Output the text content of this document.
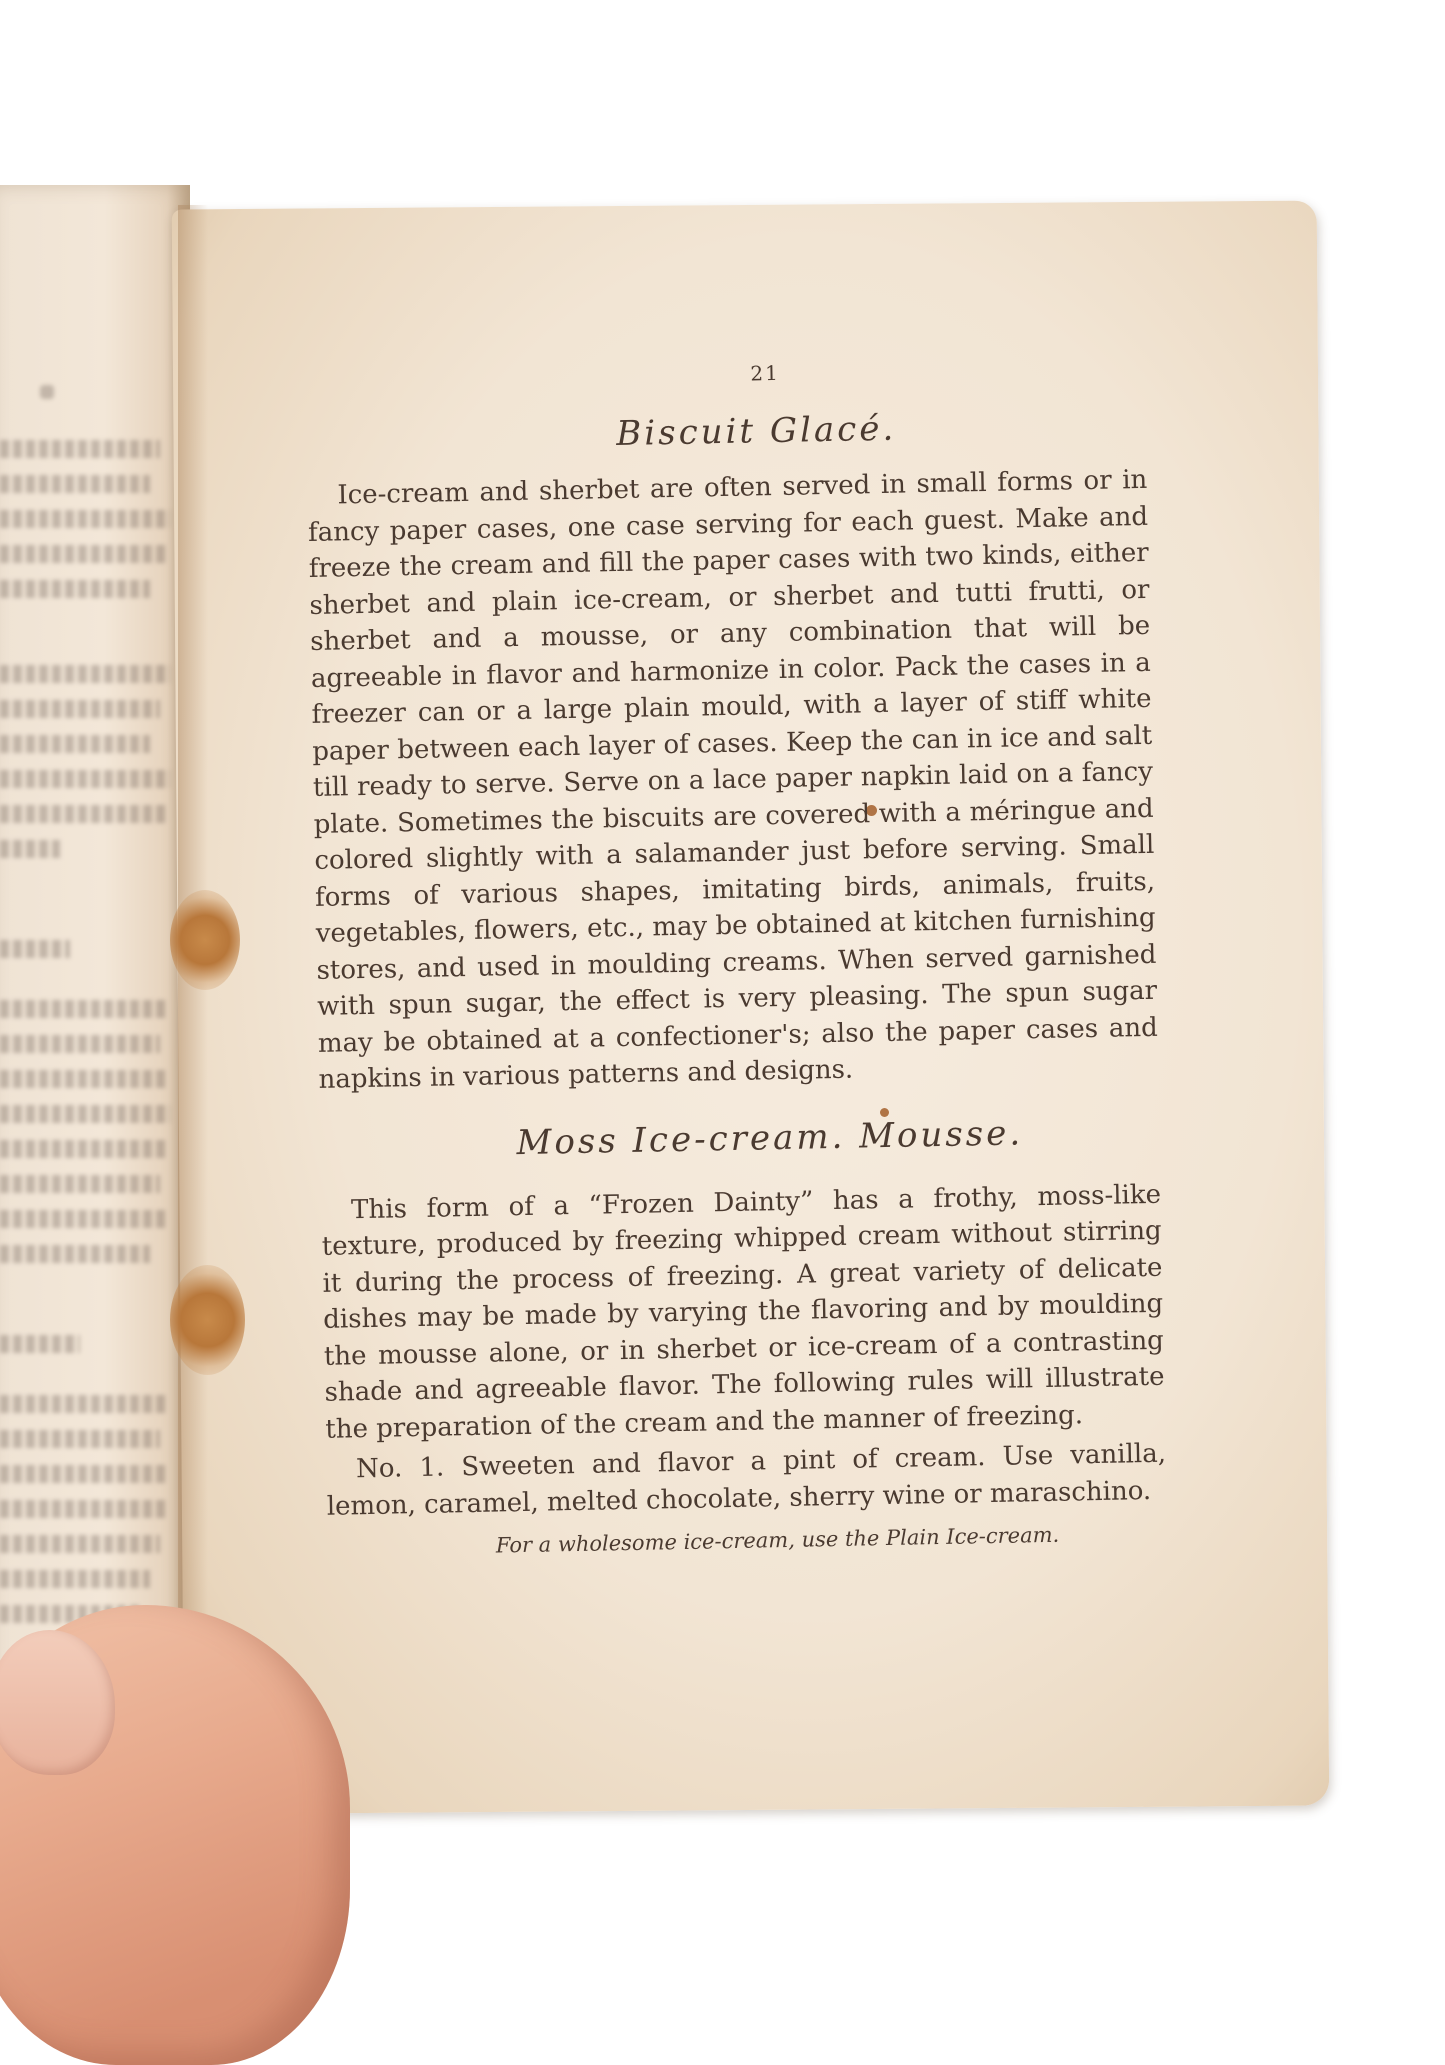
21
Biscuit Glacé.

Ice-cream and sherbet are often served in small forms or in fancy paper cases, one case serving for each guest. Make and freeze the cream and fill the paper cases with two kinds, either sherbet and plain ice-cream, or sherbet and tutti frutti, or sherbet and a mousse, or any combination that will be agreeable in flavor and harmonize in color. Pack the cases in a freezer can or a large plain mould, with a layer of stiff white paper between each layer of cases. Keep the can in ice and salt till ready to serve. Serve on a lace paper napkin laid on a fancy plate. Sometimes the biscuits are covered with a méringue and colored slightly with a salamander just before serving. Small forms of various shapes, imitating birds, animals, fruits, vegetables, flowers, etc., may be obtained at kitchen furnishing stores, and used in moulding creams. When served garnished with spun sugar, the effect is very pleasing. The spun sugar may be obtained at a confectioner's; also the paper cases and napkins in various patterns and designs.

Moss Ice-cream. Mousse.

This form of a “Frozen Dainty” has a frothy, moss-like texture, produced by freezing whipped cream without stirring it during the process of freezing. A great variety of delicate dishes may be made by varying the flavoring and by moulding the mousse alone, or in sherbet or ice-cream of a contrasting shade and agreeable flavor. The following rules will illustrate the preparation of the cream and the manner of freezing.

No. 1. Sweeten and flavor a pint of cream. Use vanilla, lemon, caramel, melted chocolate, sherry wine or maraschino.

For a wholesome ice-cream, use the Plain Ice-cream.
